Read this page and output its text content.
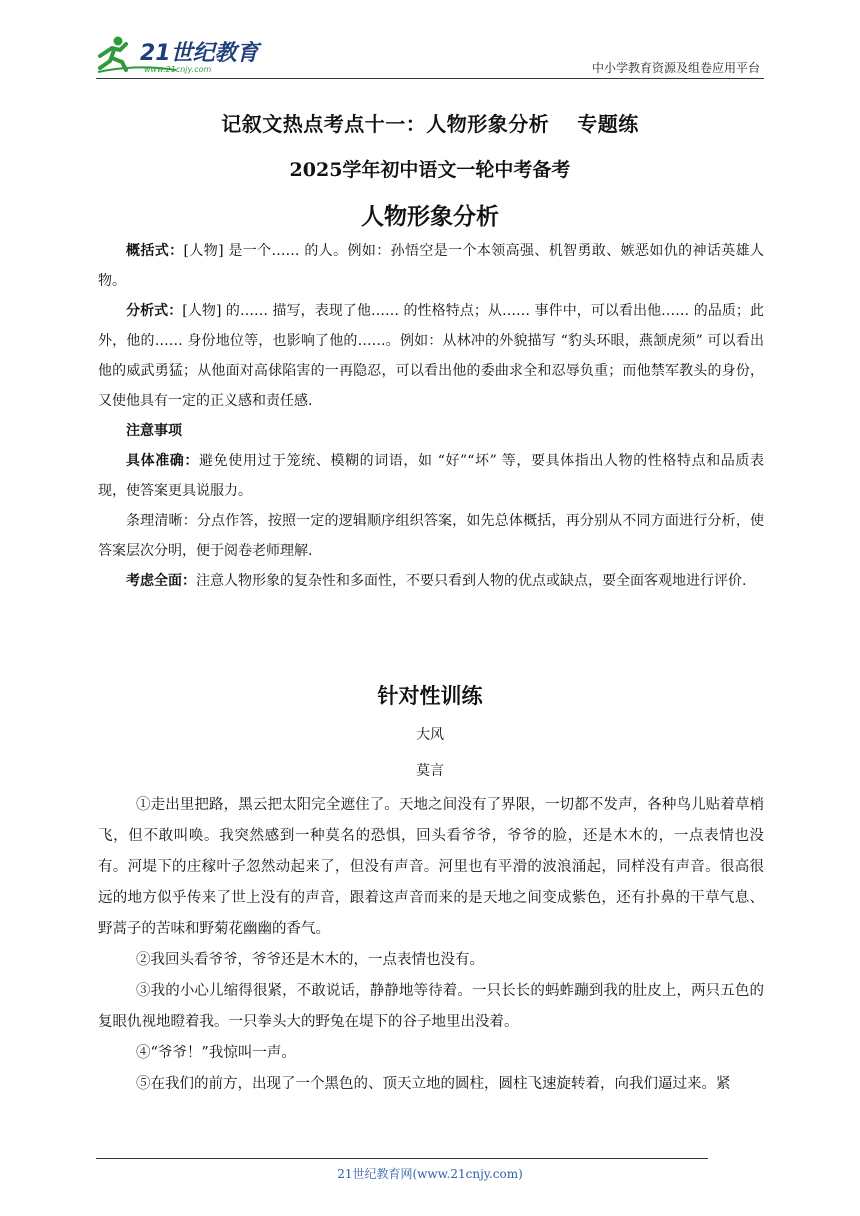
21世纪教育
www.21cnjy.com	中小学教育资源及组卷应用平台
记叙文热点考点十一：人物形象分析 专题练
2025学年初中语文一轮中考备考
人物形象分析

概括式：[人物] 是一个…… 的人。例如：孙悟空是一个本领高强、机智勇敢、嫉恶如仇的神话英雄人物。

分析式：[人物] 的…… 描写，表现了他…… 的性格特点；从…… 事件中，可以看出他…… 的品质；此外，他的…… 身份地位等，也影响了他的……。例如：从林冲的外貌描写 “豹头环眼，燕颔虎须” 可以看出他的威武勇猛；从他面对高俅陷害的一再隐忍，可以看出他的委曲求全和忍辱负重；而他禁军教头的身份，又使他具有一定的正义感和责任感.

注意事项

具体准确：避免使用过于笼统、模糊的词语，如 “好”“坏” 等，要具体指出人物的性格特点和品质表现，使答案更具说服力。

条理清晰：分点作答，按照一定的逻辑顺序组织答案，如先总体概括，再分别从不同方面进行分析，使答案层次分明，便于阅卷老师理解.

考虑全面：注意人物形象的复杂性和多面性，不要只看到人物的优点或缺点，要全面客观地进行评价.

针对性训练
大风
莫言

①走出里把路，黑云把太阳完全遮住了。天地之间没有了界限，一切都不发声，各种鸟儿贴着草梢飞，但不敢叫唤。我突然感到一种莫名的恐惧，回头看爷爷，爷爷的脸，还是木木的，一点表情也没有。河堤下的庄稼叶子忽然动起来了，但没有声音。河里也有平滑的波浪涌起，同样没有声音。很高很远的地方似乎传来了世上没有的声音，跟着这声音而来的是天地之间变成紫色，还有扑鼻的干草气息、野蒿子的苦味和野菊花幽幽的香气。

②我回头看爷爷，爷爷还是木木的，一点表情也没有。

③我的小心儿缩得很紧，不敢说话，静静地等待着。一只长长的蚂蚱蹦到我的肚皮上，两只五色的复眼仇视地瞪着我。一只拳头大的野兔在堤下的谷子地里出没着。

④“爷爷！”我惊叫一声。

⑤在我们的前方，出现了一个黑色的、顶天立地的圆柱，圆柱飞速旋转着，向我们逼过来。紧

21世纪教育网(www.21cnjy.com)
